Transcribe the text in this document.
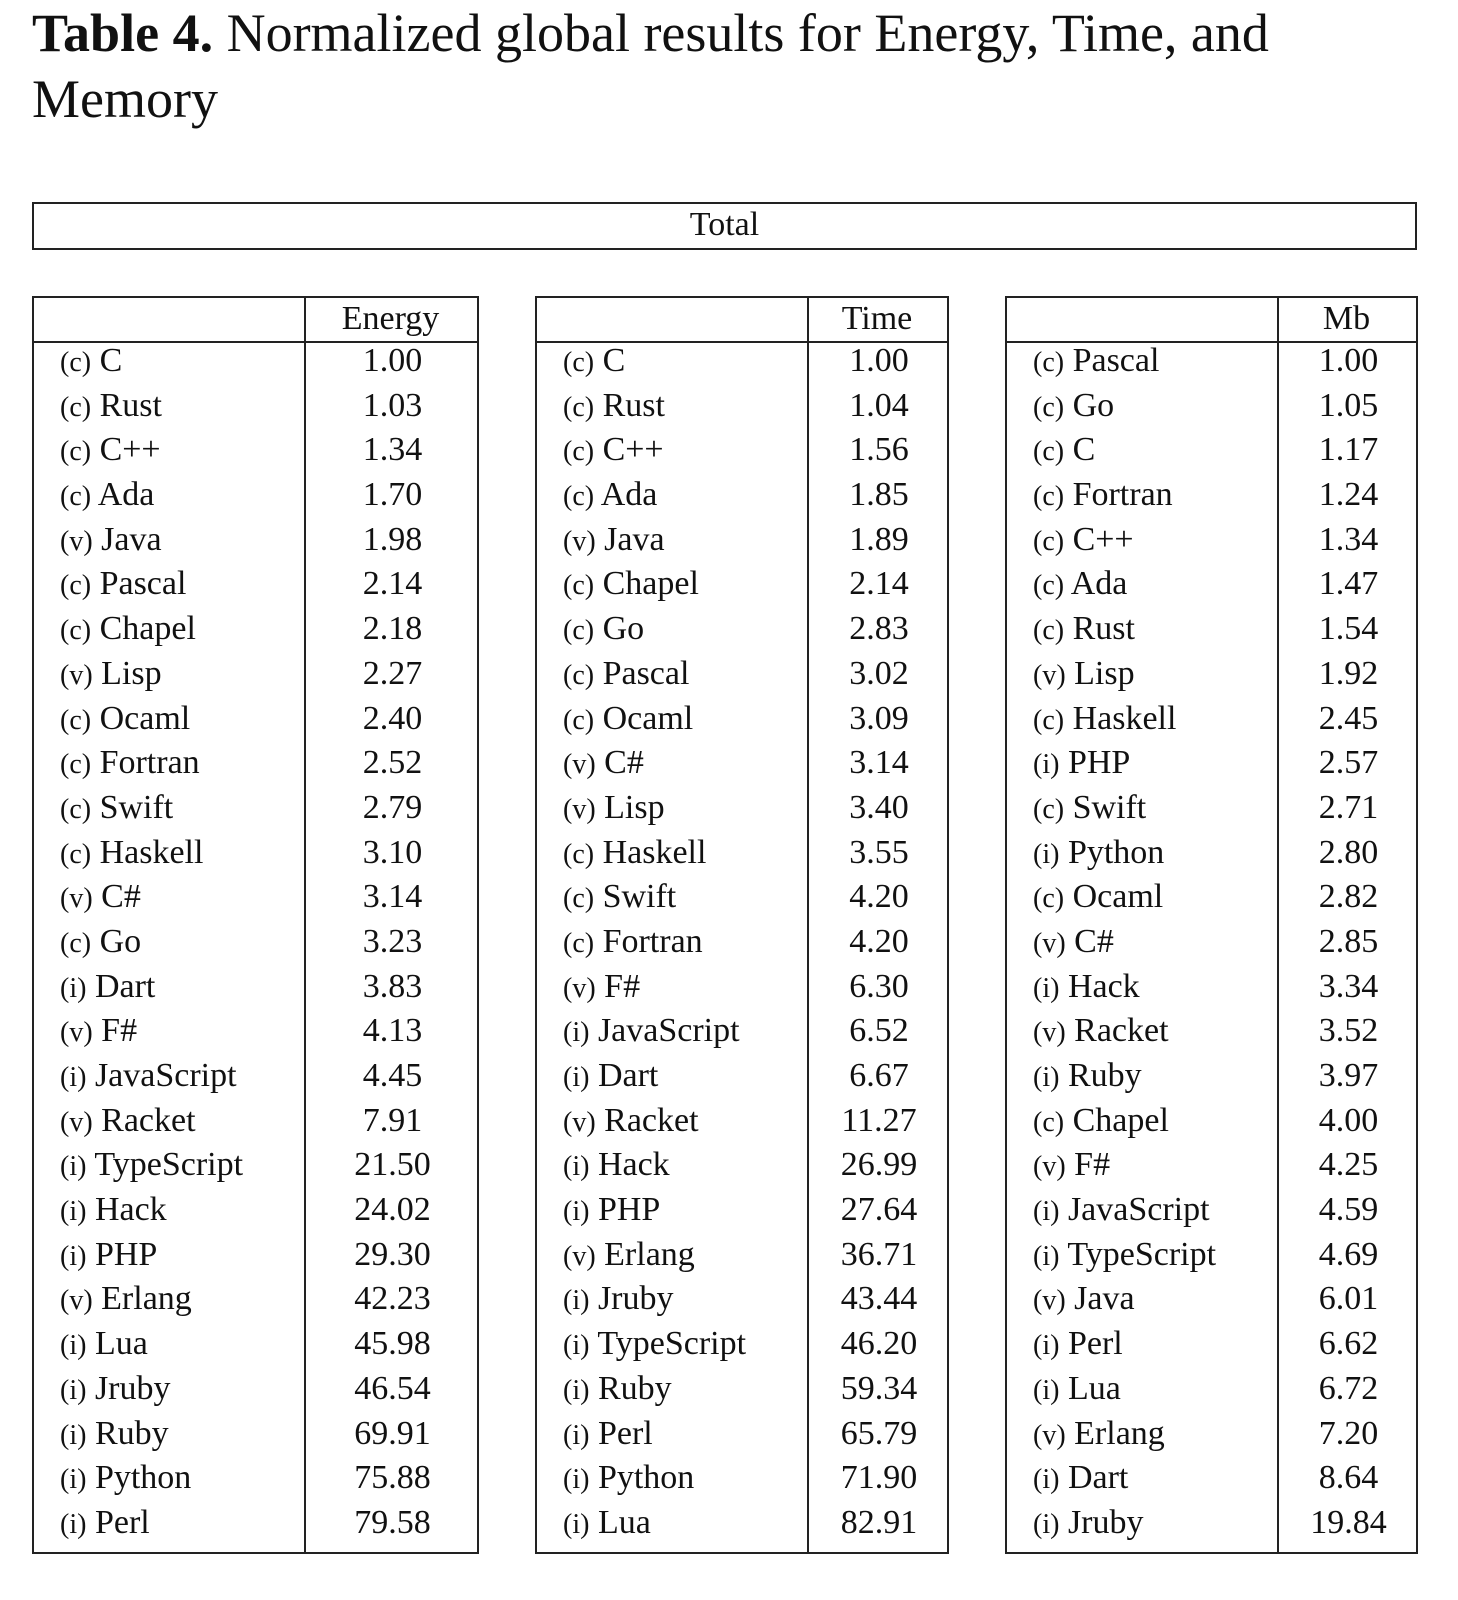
Table 4. Normalized global results for Energy, Time, and Memory
Total
Energy
(c) C	1.00
(c) Rust	1.03
(c) C++	1.34
(c) Ada	1.70
(v) Java	1.98
(c) Pascal	2.14
(c) Chapel	2.18
(v) Lisp	2.27
(c) Ocaml	2.40
(c) Fortran	2.52
(c) Swift	2.79
(c) Haskell	3.10
(v) C#	3.14
(c) Go	3.23
(i) Dart	3.83
(v) F#	4.13
(i) JavaScript	4.45
(v) Racket	7.91
(i) TypeScript	21.50
(i) Hack	24.02
(i) PHP	29.30
(v) Erlang	42.23
(i) Lua	45.98
(i) Jruby	46.54
(i) Ruby	69.91
(i) Python	75.88
(i) Perl	79.58
Time
(c) C	1.00
(c) Rust	1.04
(c) C++	1.56
(c) Ada	1.85
(v) Java	1.89
(c) Chapel	2.14
(c) Go	2.83
(c) Pascal	3.02
(c) Ocaml	3.09
(v) C#	3.14
(v) Lisp	3.40
(c) Haskell	3.55
(c) Swift	4.20
(c) Fortran	4.20
(v) F#	6.30
(i) JavaScript	6.52
(i) Dart	6.67
(v) Racket	11.27
(i) Hack	26.99
(i) PHP	27.64
(v) Erlang	36.71
(i) Jruby	43.44
(i) TypeScript	46.20
(i) Ruby	59.34
(i) Perl	65.79
(i) Python	71.90
(i) Lua	82.91
Mb
(c) Pascal	1.00
(c) Go	1.05
(c) C	1.17
(c) Fortran	1.24
(c) C++	1.34
(c) Ada	1.47
(c) Rust	1.54
(v) Lisp	1.92
(c) Haskell	2.45
(i) PHP	2.57
(c) Swift	2.71
(i) Python	2.80
(c) Ocaml	2.82
(v) C#	2.85
(i) Hack	3.34
(v) Racket	3.52
(i) Ruby	3.97
(c) Chapel	4.00
(v) F#	4.25
(i) JavaScript	4.59
(i) TypeScript	4.69
(v) Java	6.01
(i) Perl	6.62
(i) Lua	6.72
(v) Erlang	7.20
(i) Dart	8.64
(i) Jruby	19.84
